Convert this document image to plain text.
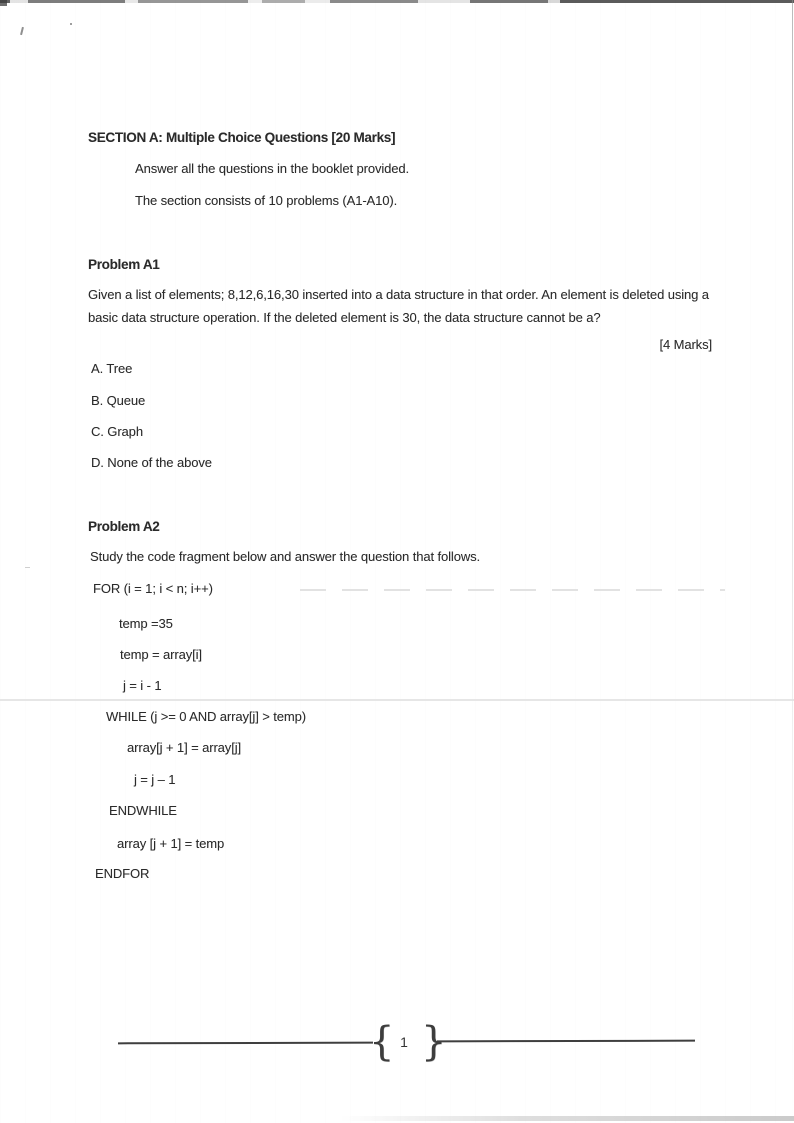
SECTION A: Multiple Choice Questions [20 Marks]
Answer all the questions in the booklet provided.
The section consists of 10 problems (A1-A10).
Problem A1
Given a list of elements; 8,12,6,16,30 inserted into a data structure in that order. An element is deleted using a basic data structure operation. If the deleted element is 30, the data structure cannot be a?
[4 Marks]
A. Tree
B. Queue
C. Graph
D. None of the above
Problem A2
Study the code fragment below and answer the question that follows.
FOR (i = 1; i < n; i++)
temp =35
temp = array[i]
j = i - 1
WHILE (j >= 0 AND array[j] > temp)
array[j + 1] = array[j]
j = j – 1
ENDWHILE
array [j + 1] = temp
ENDFOR
{ }
1
